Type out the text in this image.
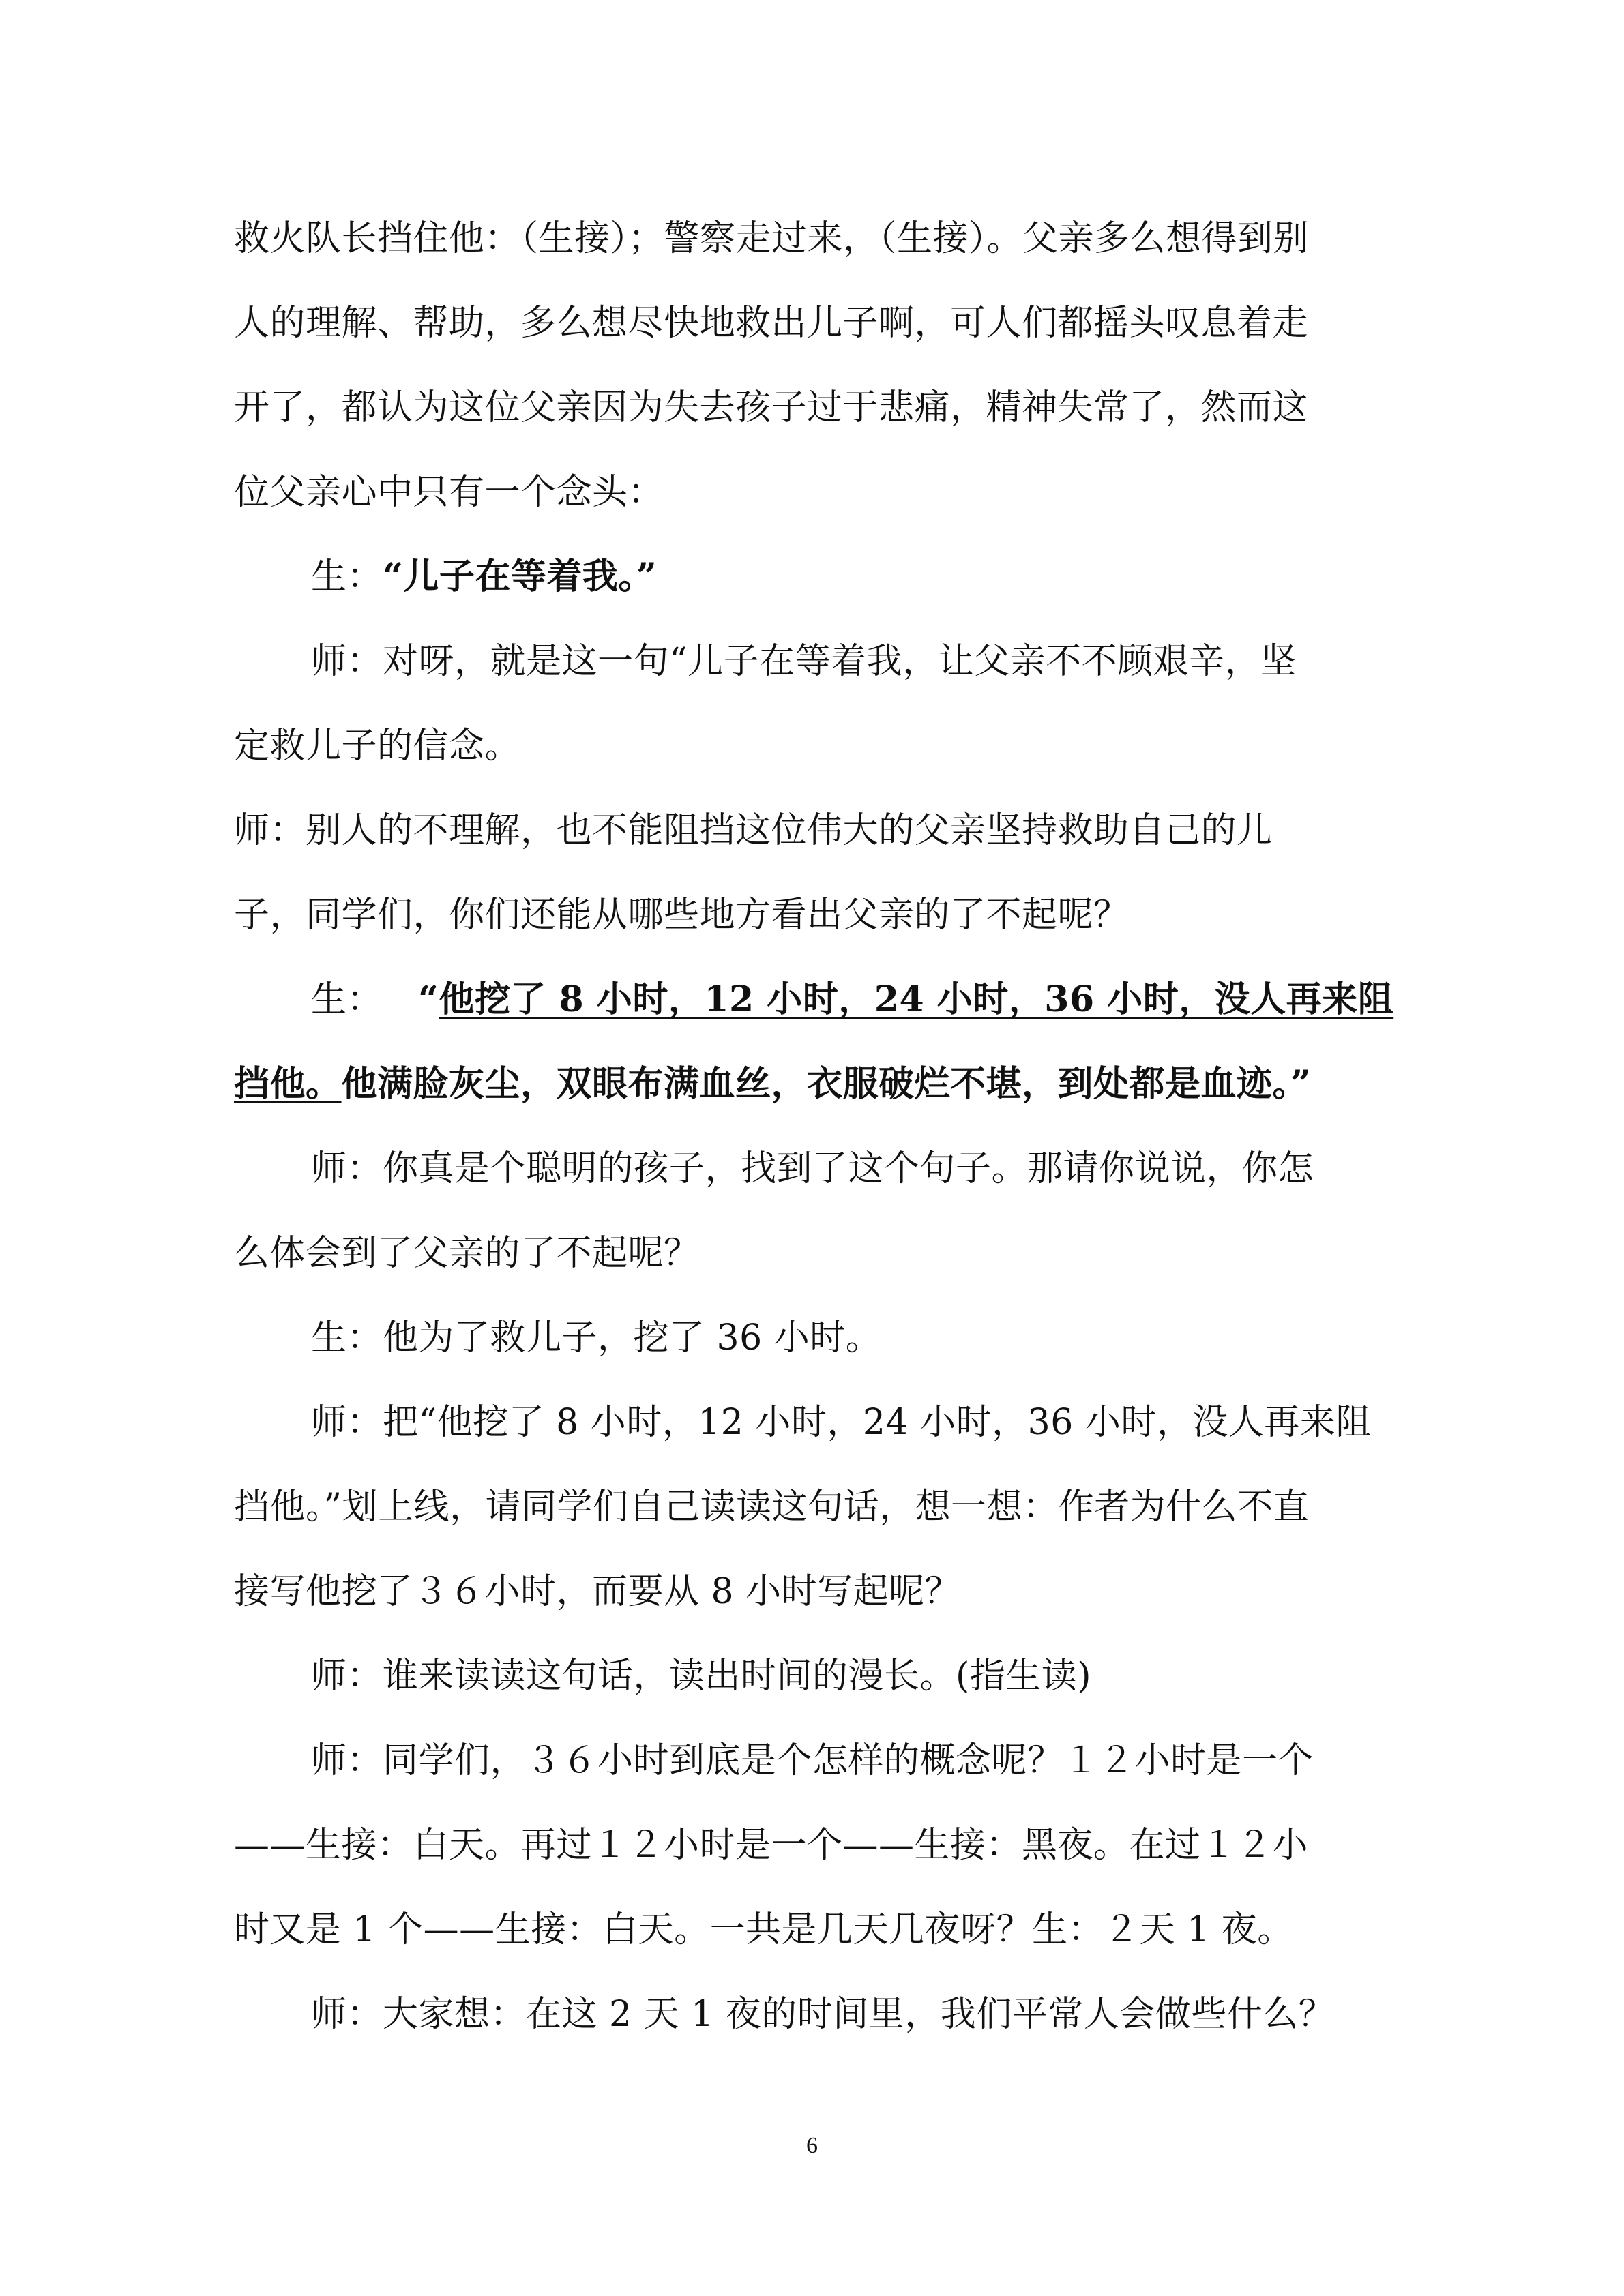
救火队长挡住他：（生接）；警察走过来，（生接）。父亲多么想得到别
人的理解、帮助，多么想尽快地救出儿子啊，可人们都摇头叹息着走
开了，都认为这位父亲因为失去孩子过于悲痛，精神失常了，然而这
位父亲心中只有一个念头：
生：“儿子在等着我。”
师：对呀，就是这一句“儿子在等着我，让父亲不不顾艰辛，坚
定救儿子的信念。
师：别人的不理解，也不能阻挡这位伟大的父亲坚持救助自己的儿
子，同学们，你们还能从哪些地方看出父亲的了不起呢？
生： “他挖了 8 小时，12 小时，24 小时，36 小时，没人再来阻
挡他。他满脸灰尘，双眼布满血丝，衣服破烂不堪，到处都是血迹。”
师：你真是个聪明的孩子，找到了这个句子。那请你说说，你怎
么体会到了父亲的了不起呢？
生：他为了救儿子，挖了 36 小时。
师：把“他挖了 8 小时，12 小时，24 小时，36 小时，没人再来阻
挡他。”划上线，请同学们自己读读这句话，想一想：作者为什么不直
接写他挖了３６小时，而要从 8 小时写起呢？
师：谁来读读这句话，读出时间的漫长。(指生读)
师：同学们，３６小时到底是个怎样的概念呢？１２小时是一个
——生接：白天。再过１２小时是一个——生接：黑夜。在过１２小
时又是 1 个——生接：白天。一共是几天几夜呀？生：２天 1 夜。
师：大家想：在这 2 天 1 夜的时间里，我们平常人会做些什么？
6
